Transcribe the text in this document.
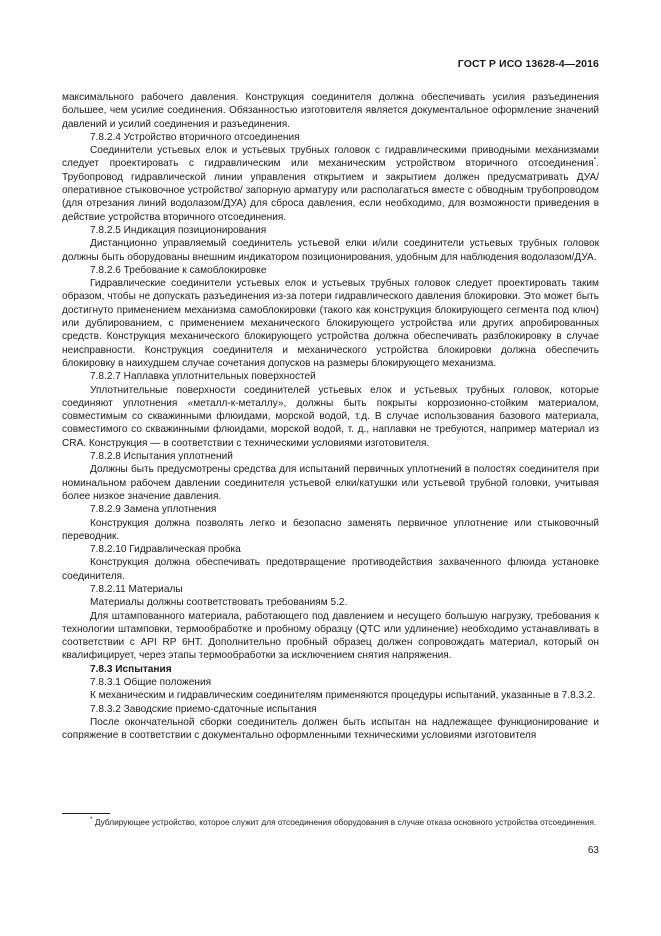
ГОСТ Р ИСО 13628-4—2016

максимального рабочего давления. Конструкция соединителя должна обеспечивать усилия разъединения большее, чем усилие соединения. Обязанностью изготовителя является документальное оформление значений давлений и усилий соединения и разъединения.

7.8.2.4 Устройство вторичного отсоединения

Соединители устьевых елок и устьевых трубных головок с гидравлическими приводными механизмами следует проектировать с гидравлическим или механическим устройством вторичного отсоединения*. Трубопровод гидравлической линии управления открытием и закрытием должен предусматривать ДУА/оперативное стыковочное устройство/ запорную арматуру или располагаться вместе с обводным трубопроводом (для отрезания линий водолазом/ДУА) для сброса давления, если необходимо, для возможности приведения в действие устройства вторичного отсоединения.

7.8.2.5 Индикация позиционирования

Дистанционно управляемый соединитель устьевой елки и/или соединители устьевых трубных головок должны быть оборудованы внешним индикатором позиционирования, удобным для наблюдения водолазом/ДУА.

7.8.2.6 Требование к самоблокировке

Гидравлические соединители устьевых елок и устьевых трубных головок следует проектировать таким образом, чтобы не допускать разъединения из-за потери гидравлического давления блокировки. Это может быть достигнуто применением механизма самоблокировки (такого как конструкция блокирующего сегмента под ключ) или дублированием, с применением механического блокирующего устройства или других апробированных средств. Конструкция механического блокирующего устройства должна обеспечивать разблокировку в случае неисправности. Конструкция соединителя и механического устройства блокировки должна обеспечить блокировку в наихудшем случае сочетания допусков на размеры блокирующего механизма.

7.8.2.7 Наплавка уплотнительных поверхностей

Уплотнительные поверхности соединителей устьевых елок и устьевых трубных головок, которые соединяют уплотнения «металл-к-металлу», должны быть покрыты коррозионно-стойким материалом, совместимым со скважинными флюидами, морской водой, т.д. В случае использования базового материала, совместимого со скважинными флюидами, морской водой, т. д., наплавки не требуются, например материал из CRA. Конструкция — в соответствии с техническими условиями изготовителя.

7.8.2.8 Испытания уплотнений

Должны быть предусмотрены средства для испытаний первичных уплотнений в полостях соединителя при номинальном рабочем давлении соединителя устьевой елки/катушки или устьевой трубной головки, учитывая более низкое значение давления.

7.8.2.9 Замена уплотнения

Конструкция должна позволять легко и безопасно заменять первичное уплотнение или стыковочный переводник.

7.8.2.10 Гидравлическая пробка

Конструкция должна обеспечивать предотвращение противодействия захваченного флюида установке соединителя.

7.8.2.11 Материалы

Материалы должны соответствовать требованиям 5.2.

Для штампованного материала, работающего под давлением и несущего большую нагрузку, требования к технологии штамповки, термообработке и пробному образцу (QTC или удлинение) необходимо устанавливать в соответствии с API RP 6HT. Дополнительно пробный образец должен сопровождать материал, который он квалифицирует, через этапы термообработки за исключением снятия напряжения.

7.8.3 Испытания

7.8.3.1 Общие положения

К механическим и гидравлическим соединителям применяются процедуры испытаний, указанные в 7.8.3.2.

7.8.3.2 Заводские приемо-сдаточные испытания

После окончательной сборки соединитель должен быть испытан на надлежащее функционирование и сопряжение в соответствии с документально оформленными техническими условиями изготовителя

* Дублирующее устройство, которое служит для отсоединения оборудования в случае отказа основного устройства отсоединения.

63
